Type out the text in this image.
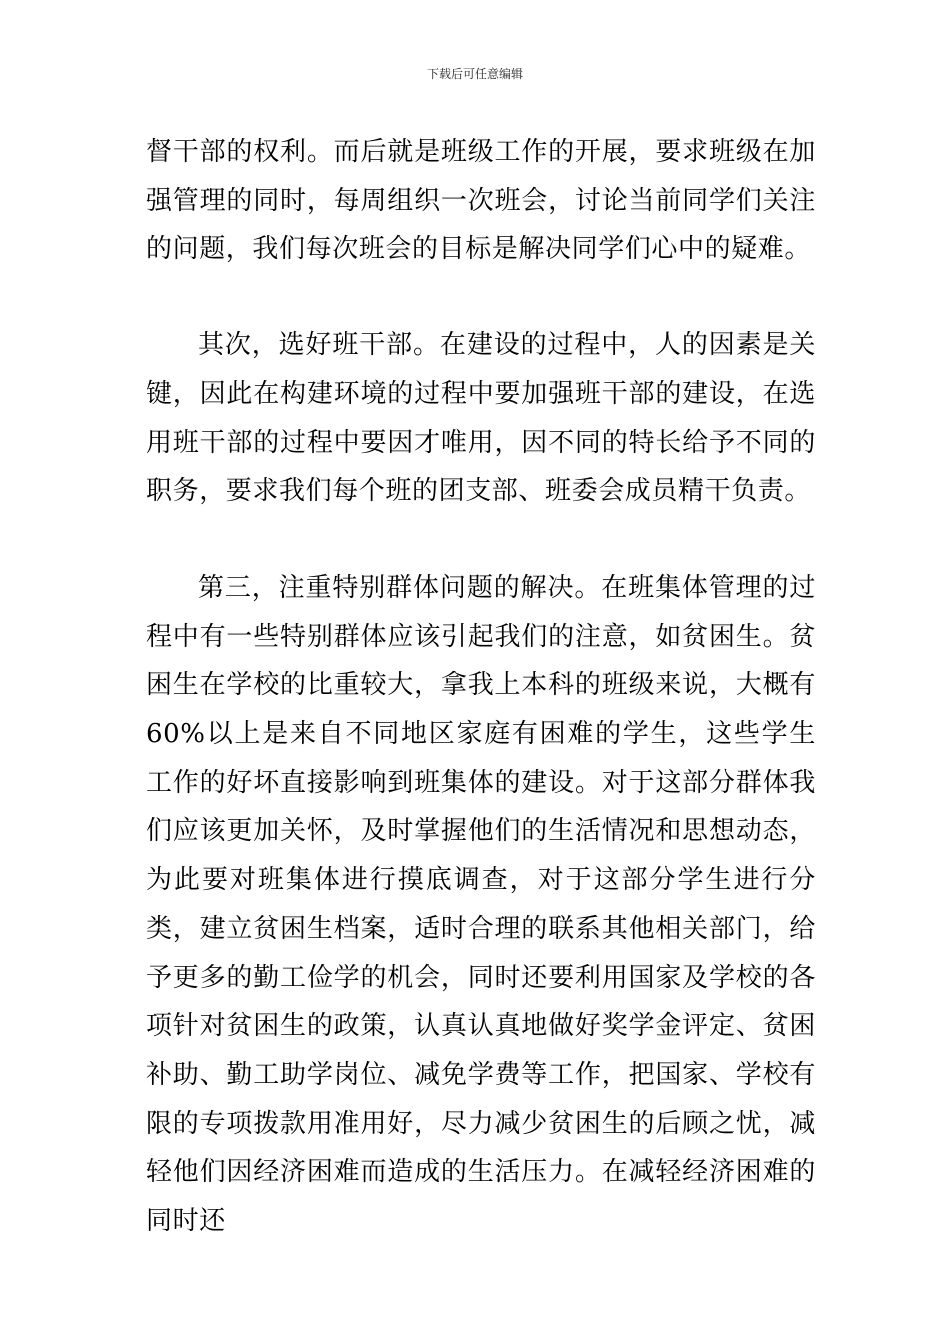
下载后可任意编辑

督干部的权利。而后就是班级工作的开展，要求班级在加强管理的同时，每周组织一次班会，讨论当前同学们关注的问题，我们每次班会的目标是解决同学们心中的疑难。

其次，选好班干部。在建设的过程中，人的因素是关键，因此在构建环境的过程中要加强班干部的建设，在选用班干部的过程中要因才唯用，因不同的特长给予不同的职务，要求我们每个班的团支部、班委会成员精干负责。

第三，注重特别群体问题的解决。在班集体管理的过程中有一些特别群体应该引起我们的注意，如贫困生。贫困生在学校的比重较大，拿我上本科的班级来说，大概有60%以上是来自不同地区家庭有困难的学生，这些学生工作的好坏直接影响到班集体的建设。对于这部分群体我们应该更加关怀，及时掌握他们的生活情况和思想动态，为此要对班集体进行摸底调查，对于这部分学生进行分类，建立贫困生档案，适时合理的联系其他相关部门，给予更多的勤工俭学的机会，同时还要利用国家及学校的各项针对贫困生的政策，认真认真地做好奖学金评定、贫困补助、勤工助学岗位、减免学费等工作，把国家、学校有限的专项拨款用准用好，尽力减少贫困生的后顾之忧，减轻他们因经济困难而造成的生活压力。在减轻经济困难的同时还
